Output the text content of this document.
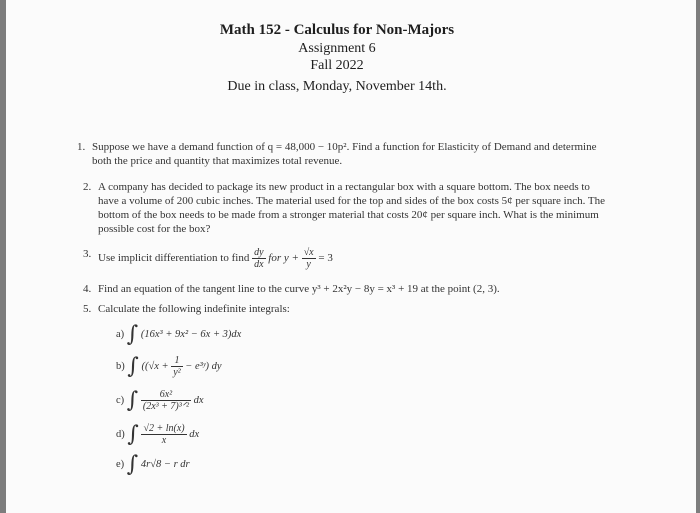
Math 152 - Calculus for Non-Majors
Assignment 6
Fall 2022
Due in class, Monday, November 14th.
1. Suppose we have a demand function of q = 48,000 − 10p². Find a function for Elasticity of Demand and determine both the price and quantity that maximizes total revenue.
2. A company has decided to package its new product in a rectangular box with a square bottom. The box needs to have a volume of 200 cubic inches. The material used for the top and sides of the box costs 5¢ per square inch. The bottom of the box needs to be made from a stronger material that costs 20¢ per square inch. What is the minimum possible cost for the box?
3. Use implicit differentiation to find $\frac{dy}{dx}$ for $y + \frac{√x}{y} = 3$
4. Find an equation of the tangent line to the curve y³ + 2x²y − 8y = x³ + 19 at the point (2, 3).
5. Calculate the following indefinite integrals:
a) ∫ (16x³ + 9x² − 6x + 3)dx
b) ∫ (($√x + \frac{1}{\text{y²}}$ − e³ʸ) dy
c) ∫ $\frac{\text{6x²}}{\text{(2x³ + 7)³ᐟ²}}$ dx
d) ∫ $\frac{√2 + \ln(x)}{x}$ dx
e) ∫ 4r√8 − r dr
